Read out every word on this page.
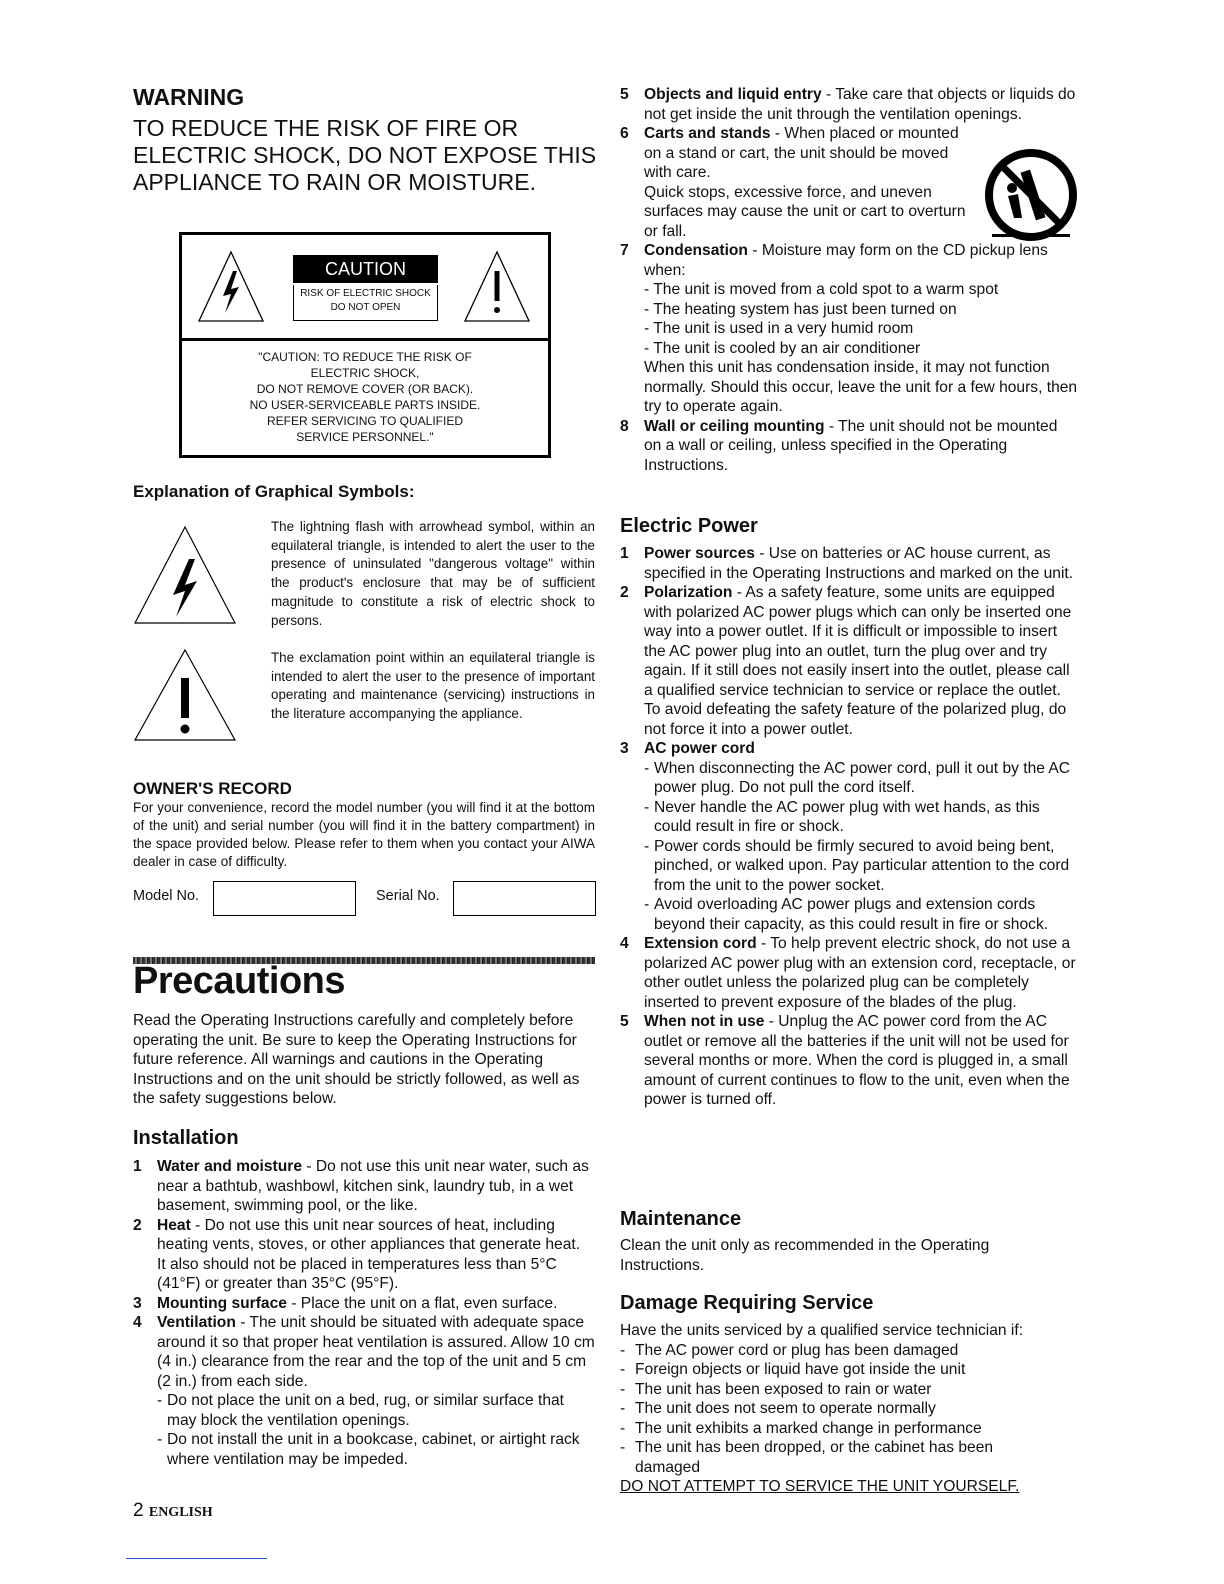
WARNING
TO REDUCE THE RISK OF FIRE OR
ELECTRIC SHOCK, DO NOT EXPOSE THIS
APPLIANCE TO RAIN OR MOISTURE.
CAUTION
RISK OF ELECTRIC SHOCK
DO NOT OPEN
"CAUTION: TO REDUCE THE RISK OF
ELECTRIC SHOCK,
DO NOT REMOVE COVER (OR BACK).
NO USER-SERVICEABLE PARTS INSIDE.
REFER SERVICING TO QUALIFIED
SERVICE PERSONNEL."
Explanation of Graphical Symbols:
The lightning flash with arrowhead symbol, within an equilateral triangle, is intended to alert the user to the presence of uninsulated "dangerous voltage" within the product's enclosure that may be of sufficient magnitude to constitute a risk of electric shock to persons.
The exclamation point within an equilateral triangle is intended to alert the user to the presence of important operating and maintenance (servicing) instructions in the literature accompanying the appliance.
OWNER'S RECORD
For your convenience, record the model number (you will find it at the bottom of the unit) and serial number (you will find it in the battery compartment) in the space provided below. Please refer to them when you contact your AIWA dealer in case of difficulty.
Model No.	Serial No.
Precautions
Read the Operating Instructions carefully and completely before operating the unit. Be sure to keep the Operating Instructions for future reference. All warnings and cautions in the Operating Instructions and on the unit should be strictly followed, as well as the safety suggestions below.
Installation
1 Water and moisture - Do not use this unit near water, such as near a bathtub, washbowl, kitchen sink, laundry tub, in a wet basement, swimming pool, or the like.
2 Heat - Do not use this unit near sources of heat, including heating vents, stoves, or other appliances that generate heat.
It also should not be placed in temperatures less than 5°C (41°F) or greater than 35°C (95°F).
3 Mounting surface - Place the unit on a flat, even surface.
4 Ventilation - The unit should be situated with adequate space around it so that proper heat ventilation is assured. Allow 10 cm (4 in.) clearance from the rear and the top of the unit and 5 cm (2 in.) from each side.
- Do not place the unit on a bed, rug, or similar surface that may block the ventilation openings.
- Do not install the unit in a bookcase, cabinet, or airtight rack where ventilation may be impeded.
2 ENGLISH
5 Objects and liquid entry - Take care that objects or liquids do not get inside the unit through the ventilation openings.
6 Carts and stands - When placed or mounted on a stand or cart, the unit should be moved with care.
Quick stops, excessive force, and uneven surfaces may cause the unit or cart to overturn or fall.
7 Condensation - Moisture may form on the CD pickup lens when:
- The unit is moved from a cold spot to a warm spot
- The heating system has just been turned on
- The unit is used in a very humid room
- The unit is cooled by an air conditioner
When this unit has condensation inside, it may not function normally. Should this occur, leave the unit for a few hours, then try to operate again.
8 Wall or ceiling mounting - The unit should not be mounted on a wall or ceiling, unless specified in the Operating Instructions.
Electric Power
1 Power sources - Use on batteries or AC house current, as specified in the Operating Instructions and marked on the unit.
2 Polarization - As a safety feature, some units are equipped with polarized AC power plugs which can only be inserted one way into a power outlet. If it is difficult or impossible to insert the AC power plug into an outlet, turn the plug over and try again. If it still does not easily insert into the outlet, please call a qualified service technician to service or replace the outlet. To avoid defeating the safety feature of the polarized plug, do not force it into a power outlet.
3 AC power cord
- When disconnecting the AC power cord, pull it out by the AC power plug. Do not pull the cord itself.
- Never handle the AC power plug with wet hands, as this could result in fire or shock.
- Power cords should be firmly secured to avoid being bent, pinched, or walked upon. Pay particular attention to the cord from the unit to the power socket.
- Avoid overloading AC power plugs and extension cords beyond their capacity, as this could result in fire or shock.
4 Extension cord - To help prevent electric shock, do not use a polarized AC power plug with an extension cord, receptacle, or other outlet unless the polarized plug can be completely inserted to prevent exposure of the blades of the plug.
5 When not in use - Unplug the AC power cord from the AC outlet or remove all the batteries if the unit will not be used for several months or more. When the cord is plugged in, a small amount of current continues to flow to the unit, even when the power is turned off.
Maintenance
Clean the unit only as recommended in the Operating Instructions.
Damage Requiring Service
Have the units serviced by a qualified service technician if:
- The AC power cord or plug has been damaged
- Foreign objects or liquid have got inside the unit
- The unit has been exposed to rain or water
- The unit does not seem to operate normally
- The unit exhibits a marked change in performance
- The unit has been dropped, or the cabinet has been damaged
DO NOT ATTEMPT TO SERVICE THE UNIT YOURSELF.
